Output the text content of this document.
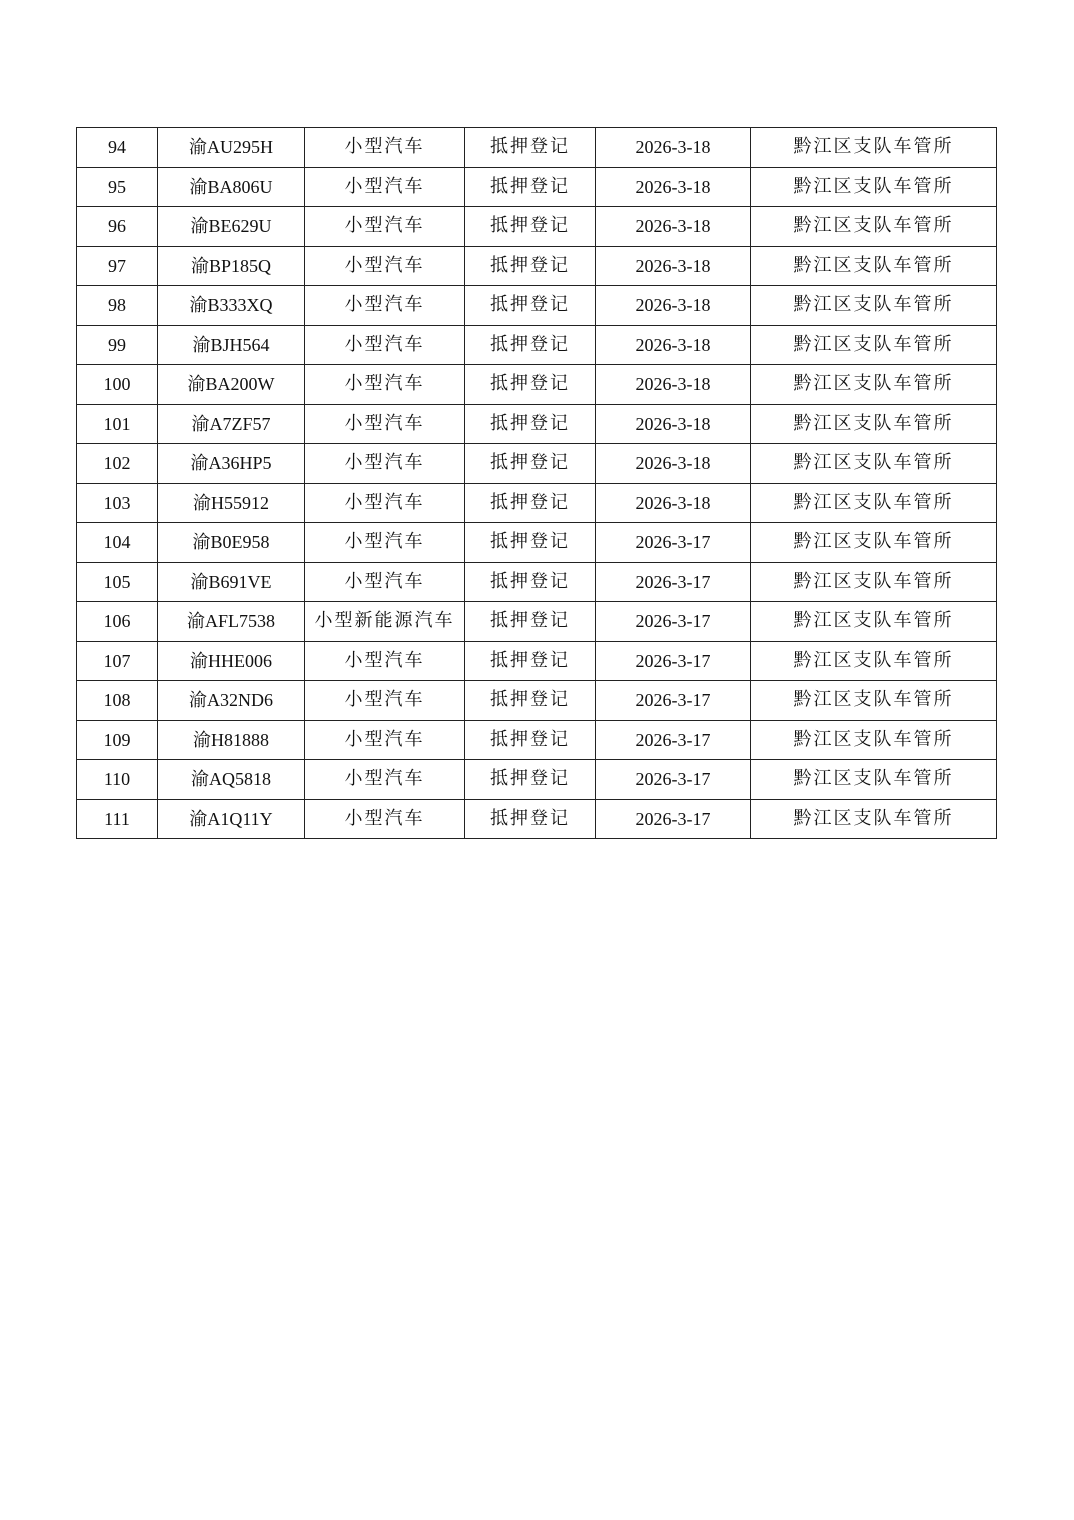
94	渝AU295H	小型汽车	抵押登记	2026-3-18	黔江区支队车管所
95	渝BA806U	小型汽车	抵押登记	2026-3-18	黔江区支队车管所
96	渝BE629U	小型汽车	抵押登记	2026-3-18	黔江区支队车管所
97	渝BP185Q	小型汽车	抵押登记	2026-3-18	黔江区支队车管所
98	渝B333XQ	小型汽车	抵押登记	2026-3-18	黔江区支队车管所
99	渝BJH564	小型汽车	抵押登记	2026-3-18	黔江区支队车管所
100	渝BA200W	小型汽车	抵押登记	2026-3-18	黔江区支队车管所
101	渝A7ZF57	小型汽车	抵押登记	2026-3-18	黔江区支队车管所
102	渝A36HP5	小型汽车	抵押登记	2026-3-18	黔江区支队车管所
103	渝H55912	小型汽车	抵押登记	2026-3-18	黔江区支队车管所
104	渝B0E958	小型汽车	抵押登记	2026-3-17	黔江区支队车管所
105	渝B691VE	小型汽车	抵押登记	2026-3-17	黔江区支队车管所
106	渝AFL7538	小型新能源汽车	抵押登记	2026-3-17	黔江区支队车管所
107	渝HHE006	小型汽车	抵押登记	2026-3-17	黔江区支队车管所
108	渝A32ND6	小型汽车	抵押登记	2026-3-17	黔江区支队车管所
109	渝H81888	小型汽车	抵押登记	2026-3-17	黔江区支队车管所
110	渝AQ5818	小型汽车	抵押登记	2026-3-17	黔江区支队车管所
111	渝A1Q11Y	小型汽车	抵押登记	2026-3-17	黔江区支队车管所
